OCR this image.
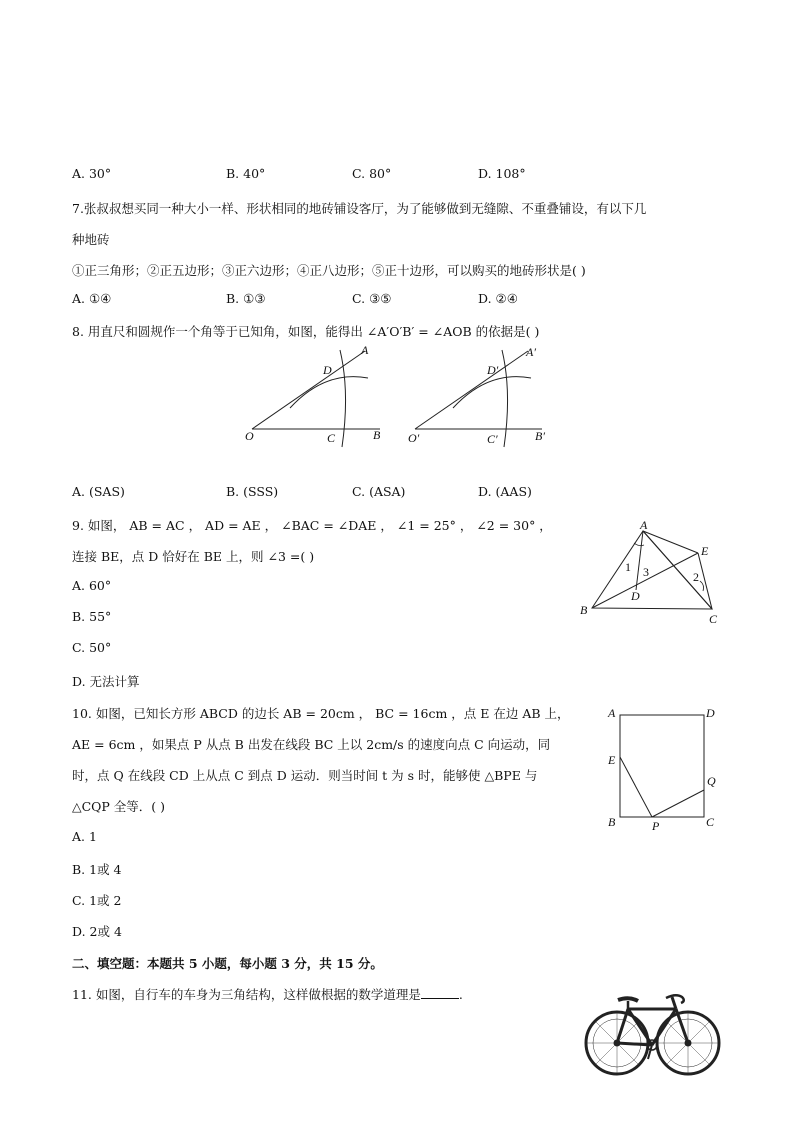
A. 30°	B. 40°	C. 80°	D. 108°
7.张叔叔想买同一种大小一样、形状相同的地砖铺设客厅，为了能够做到无缝隙、不重叠铺设，有以下几
种地砖
①正三角形；②正五边形；③正六边形；④正八边形；⑤正十边形，可以购买的地砖形状是( )
A. ①④	B. ①③	C. ③⑤	D. ②④
8. 用直尺和圆规作一个角等于已知角，如图，能得出 ∠A′O′B′ = ∠AOB 的依据是( )
O	C	B
D
A
O′	C′	B′
D′
A′
A. (SAS)	B. (SSS)	C. (ASA)	D. (AAS)
9. 如图， AB = AC ， AD = AE ， ∠BAC = ∠DAE ， ∠1 = 25° ， ∠2 = 30° ，
连接 BE，点 D 恰好在 BE 上，则 ∠3 =( )
A. 60°
B. 55°
C. 50°
D. 无法计算
A
B
C
D
E
1
2
3
10. 如图，已知长方形 ABCD 的边长 AB = 20cm ， BC = 16cm ，点 E 在边 AB 上，
AE = 6cm ，如果点 P 从点 B 出发在线段 BC 上以 2cm/s 的速度向点 C 向运动，同
时，点 Q 在线段 CD 上从点 C 到点 D 运动．则当时间 t 为 s 时，能够使 △BPE 与
△CQP 全等．( )
A. 1
B. 1或 4
C. 1或 2
D. 2或 4
A	D
E
B	P	C
Q
二、填空题：本题共 5 小题，每小题 3 分，共 15 分。
11. 如图，自行车的车身为三角结构，这样做根据的数学道理是	.
